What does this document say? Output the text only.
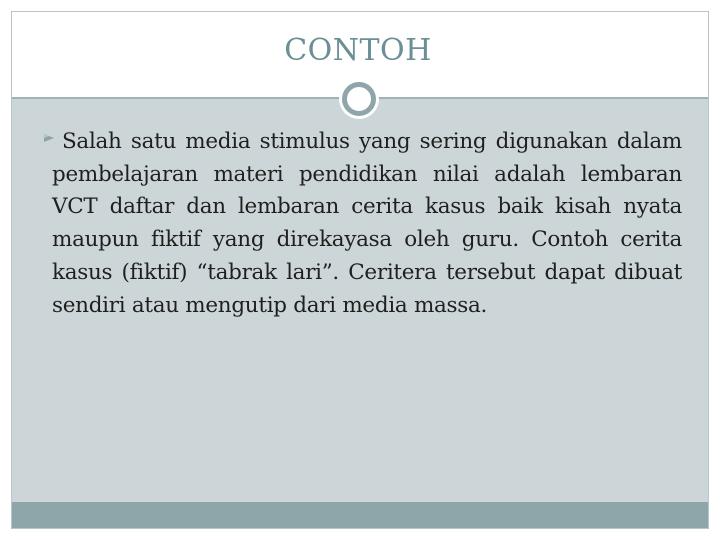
CONTOH
Salah satu media stimulus yang sering digunakan dalam pembelajaran materi pendidikan nilai adalah lembaran VCT daftar dan lembaran cerita kasus baik kisah nyata maupun fiktif yang direkayasa oleh guru. Contoh cerita kasus (fiktif) “tabrak lari”. Ceritera tersebut dapat dibuat sendiri atau mengutip dari media massa.
